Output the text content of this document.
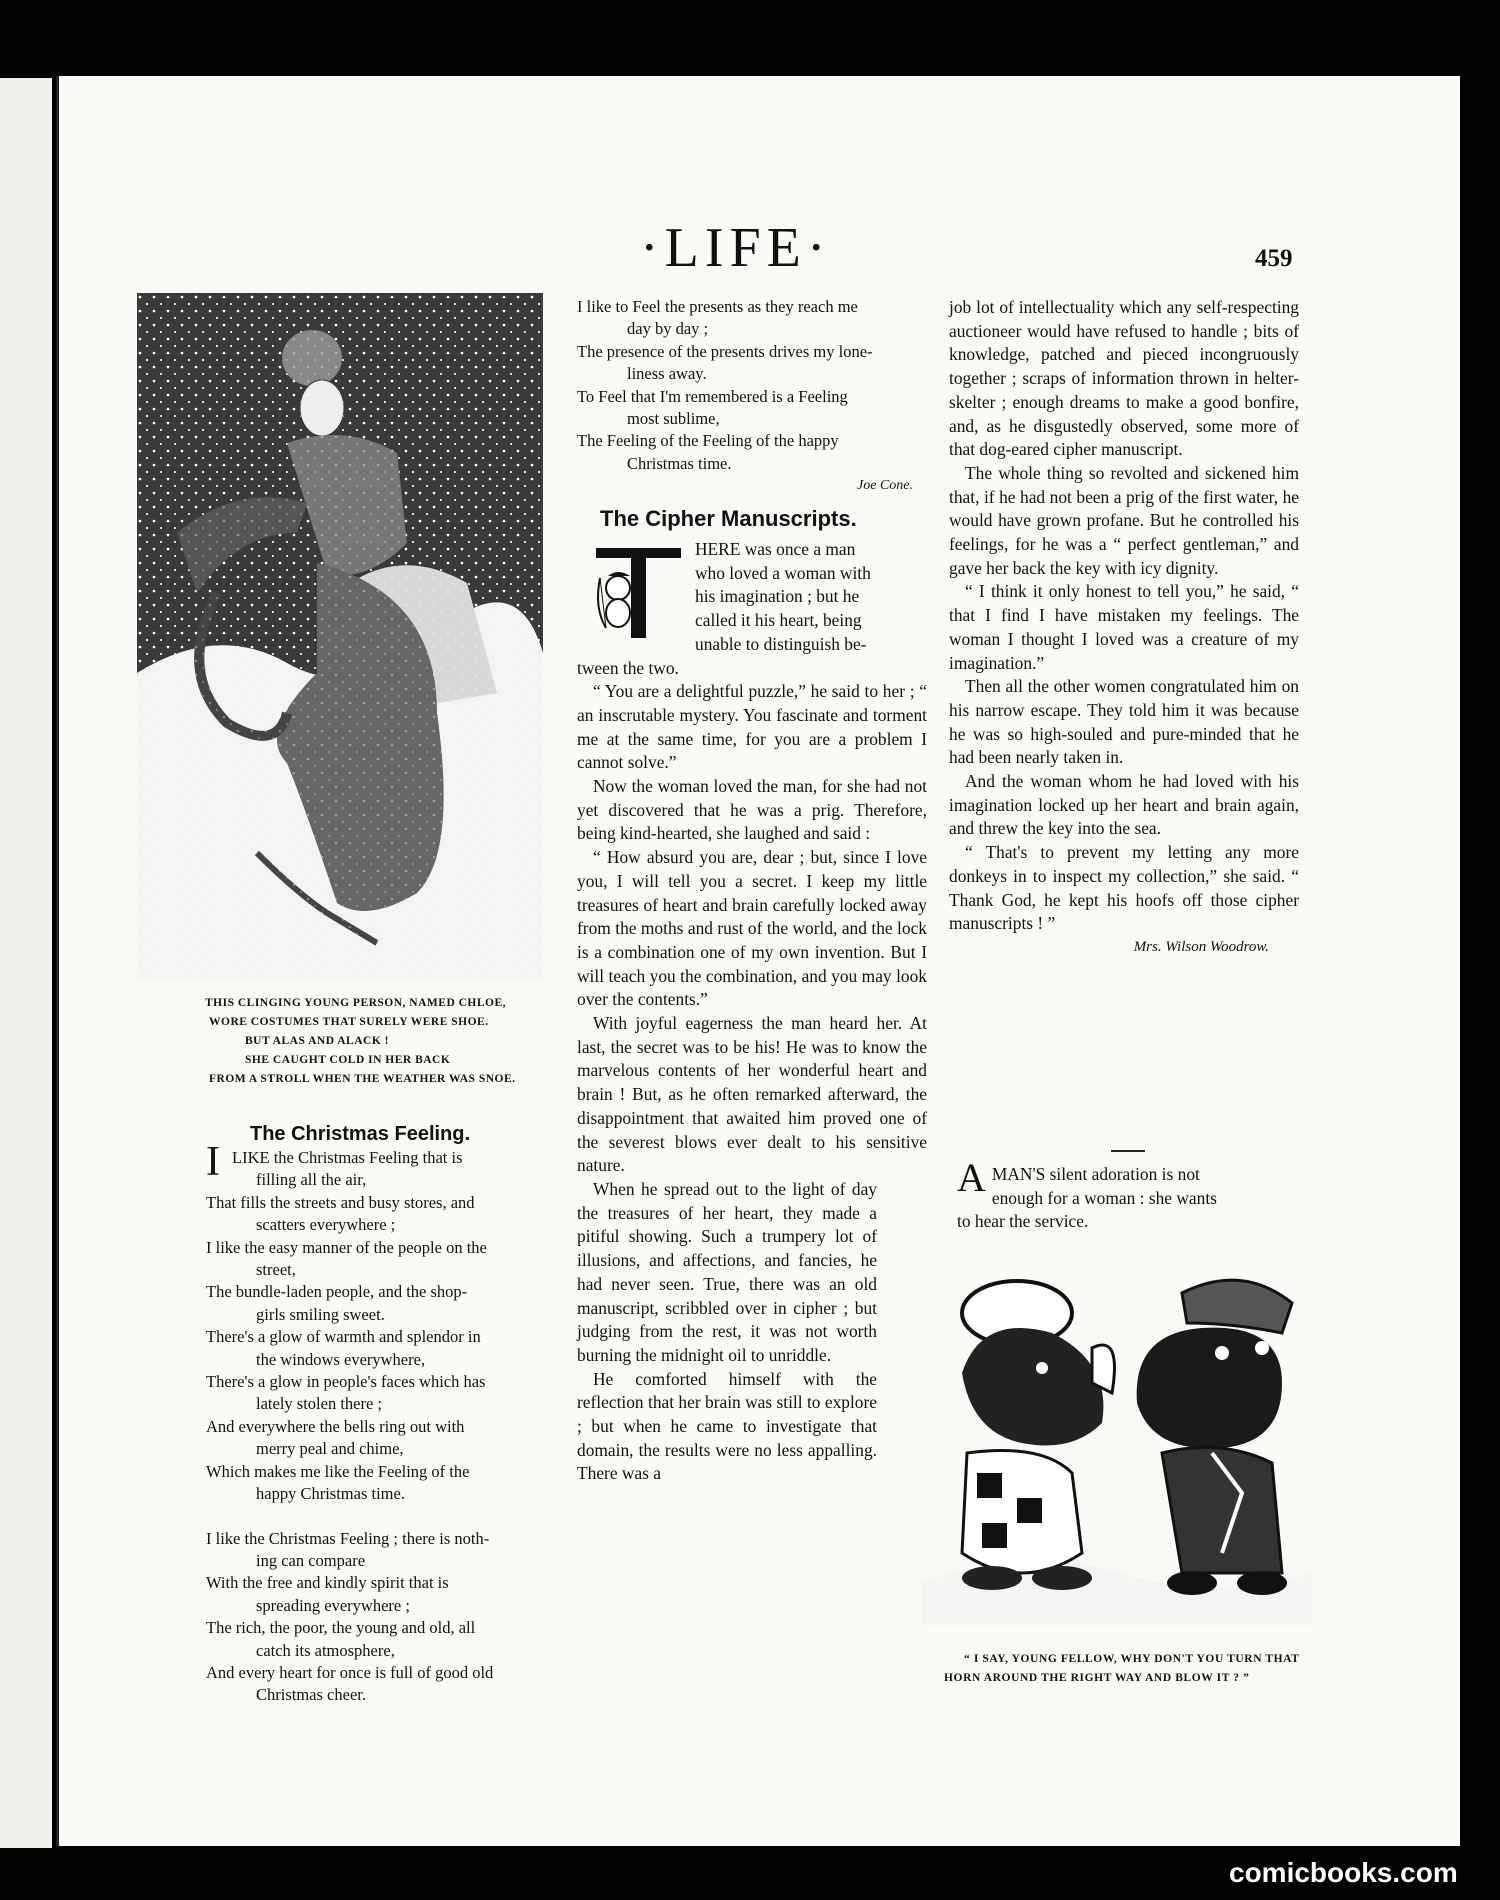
·LIFE·	459
THIS CLINGING YOUNG PERSON, NAMED CHLOE,
WORE COSTUMES THAT SURELY WERE SHOE.
BUT ALAS AND ALACK !
SHE CAUGHT COLD IN HER BACK
FROM A STROLL WHEN THE WEATHER WAS SNOE.
The Christmas Feeling.
I LIKE the Christmas Feeling that is
filling all the air,
That fills the streets and busy stores, and
scatters everywhere ;
I like the easy manner of the people on the
street,
The bundle-laden people, and the shop-
girls smiling sweet.
There's a glow of warmth and splendor in
the windows everywhere,
There's a glow in people's faces which has
lately stolen there ;
And everywhere the bells ring out with
merry peal and chime,
Which makes me like the Feeling of the
happy Christmas time.
I like the Christmas Feeling ; there is noth-
ing can compare
With the free and kindly spirit that is
spreading everywhere ;
The rich, the poor, the young and old, all
catch its atmosphere,
And every heart for once is full of good old
Christmas cheer.
I like to Feel the presents as they reach me
day by day ;
The presence of the presents drives my lone-
liness away.
To Feel that I'm remembered is a Feeling
most sublime,
The Feeling of the Feeling of the happy
Christmas time.
Joe Cone.
The Cipher Manuscripts.
HERE was once a man
who loved a woman with
his imagination ; but he
called it his heart, being
unable to distinguish be-

tween the two.

“ You are a delightful puzzle,” he said to her ; “ an inscrutable mystery. You fascinate and torment me at the same time, for you are a problem I cannot solve.”

Now the woman loved the man, for she had not yet discovered that he was a prig. Therefore, being kind-hearted, she laughed and said :

“ How absurd you are, dear ; but, since I love you, I will tell you a secret. I keep my little treasures of heart and brain carefully locked away from the moths and rust of the world, and the lock is a combination one of my own invention. But I will teach you the combination, and you may look over the contents.”

With joyful eagerness the man heard her. At last, the secret was to be his! He was to know the marvelous contents of her wonderful heart and brain ! But, as he often remarked afterward, the disappointment that awaited him proved one of the severest blows ever dealt to his sensitive nature.

When he spread out to the light of day the treasures of her heart, they made a pitiful showing. Such a trumpery lot of illusions, and affections, and fancies, he had never seen. True, there was an old manuscript, scribbled over in cipher ; but judging from the rest, it was not worth burning the midnight oil to unriddle.

He comforted himself with the reflection that her brain was still to explore ; but when he came to investigate that domain, the results were no less appalling. There was a

job lot of intellectuality which any self-respecting auctioneer would have refused to handle ; bits of knowledge, patched and pieced incongruously together ; scraps of information thrown in helter-skelter ; enough dreams to make a good bonfire, and, as he disgustedly observed, some more of that dog-eared cipher manuscript.

The whole thing so revolted and sickened him that, if he had not been a prig of the first water, he would have grown profane. But he controlled his feelings, for he was a “ perfect gentleman,” and gave her back the key with icy dignity.

“ I think it only honest to tell you,” he said, “ that I find I have mistaken my feelings. The woman I thought I loved was a creature of my imagination.”

Then all the other women congratulated him on his narrow escape. They told him it was because he was so high-souled and pure-minded that he had been nearly taken in.

And the woman whom he had loved with his imagination locked up her heart and brain again, and threw the key into the sea.

“ That's to prevent my letting any more donkeys in to inspect my collection,” she said. “ Thank God, he kept his hoofs off those cipher manuscripts ! ”

Mrs. Wilson Woodrow.
A MAN'S silent adoration is not
enough for a woman : she wants
to hear the service.
“ I SAY, YOUNG FELLOW, WHY DON'T YOU TURN THAT
HORN AROUND THE RIGHT WAY AND BLOW IT ? ”
comicbooks.com
